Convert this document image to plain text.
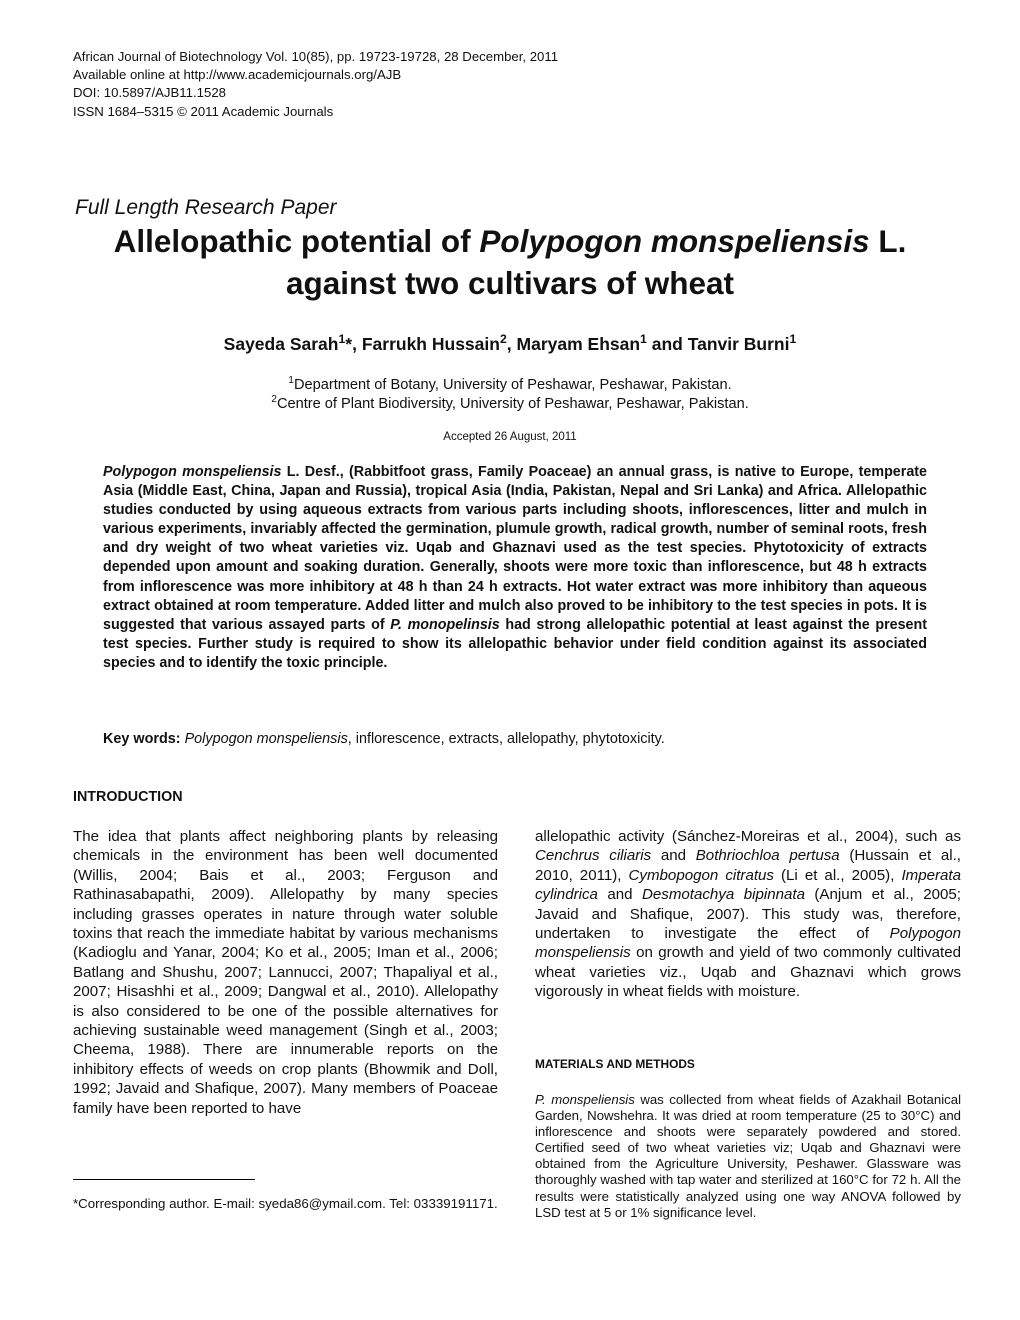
African Journal of Biotechnology Vol. 10(85), pp. 19723-19728, 28 December, 2011
Available online at http://www.academicjournals.org/AJB
DOI: 10.5897/AJB11.1528
ISSN 1684–5315 © 2011 Academic Journals
Full Length Research Paper
Allelopathic potential of Polypogon monspeliensis L. against two cultivars of wheat
Sayeda Sarah$^1$*, Farrukh Hussain$^2$, Maryam Ehsan$^1$ and Tanvir Burni$^1$
$^1$Department of Botany, University of Peshawar, Peshawar, Pakistan.
$^2$Centre of Plant Biodiversity, University of Peshawar, Peshawar, Pakistan.
Accepted 26 August, 2011
Polypogon monspeliensis L. Desf., (Rabbitfoot grass, Family Poaceae) an annual grass, is native to Europe, temperate Asia (Middle East, China, Japan and Russia), tropical Asia (India, Pakistan, Nepal and Sri Lanka) and Africa. Allelopathic studies conducted by using aqueous extracts from various parts including shoots, inflorescences, litter and mulch in various experiments, invariably affected the germination, plumule growth, radical growth, number of seminal roots, fresh and dry weight of two wheat varieties viz. Uqab and Ghaznavi used as the test species. Phytotoxicity of extracts depended upon amount and soaking duration. Generally, shoots were more toxic than inflorescence, but 48 h extracts from inflorescence was more inhibitory at 48 h than 24 h extracts. Hot water extract was more inhibitory than aqueous extract obtained at room temperature. Added litter and mulch also proved to be inhibitory to the test species in pots. It is suggested that various assayed parts of P. monopelinsis had strong allelopathic potential at least against the present test species. Further study is required to show its allelopathic behavior under field condition against its associated species and to identify the toxic principle.
Key words: Polypogon monspeliensis, inflorescence, extracts, allelopathy, phytotoxicity.
INTRODUCTION

The idea that plants affect neighboring plants by releasing chemicals in the environment has been well documented (Willis, 2004; Bais et al., 2003; Ferguson and Rathinasabapathi, 2009). Allelopathy by many species including grasses operates in nature through water soluble toxins that reach the immediate habitat by various mechanisms (Kadioglu and Yanar, 2004; Ko et al., 2005; Iman et al., 2006; Batlang and Shushu, 2007; Lannucci, 2007; Thapaliyal et al., 2007; Hisashhi et al., 2009; Dangwal et al., 2010). Allelopathy is also considered to be one of the possible alternatives for achieving sustainable weed management (Singh et al., 2003; Cheema, 1988). There are innumerable reports on the inhibitory effects of weeds on crop plants (Bhowmik and Doll, 1992; Javaid and Shafique, 2007). Many members of Poaceae family have been reported to have

allelopathic activity (Sánchez-Moreiras et al., 2004), such as Cenchrus ciliaris and Bothriochloa pertusa (Hussain et al., 2010, 2011), Cymbopogon citratus (Li et al., 2005), Imperata cylindrica and Desmotachya bipinnata (Anjum et al., 2005; Javaid and Shafique, 2007). This study was, therefore, undertaken to investigate the effect of Polypogon monspeliensis on growth and yield of two commonly cultivated wheat varieties viz., Uqab and Ghaznavi which grows vigorously in wheat fields with moisture.
MATERIALS AND METHODS
P. monspeliensis was collected from wheat fields of Azakhail Botanical Garden, Nowshehra. It was dried at room temperature (25 to 30°C) and inflorescence and shoots were separately powdered and stored. Certified seed of two wheat varieties viz; Uqab and Ghaznavi were obtained from the Agriculture University, Peshawer. Glassware was thoroughly washed with tap water and sterilized at 160°C for 72 h. All the results were statistically analyzed using one way ANOVA followed by LSD test at 5 or 1% significance level.
*Corresponding author. E-mail: syeda86@ymail.com. Tel: 03339191171.
